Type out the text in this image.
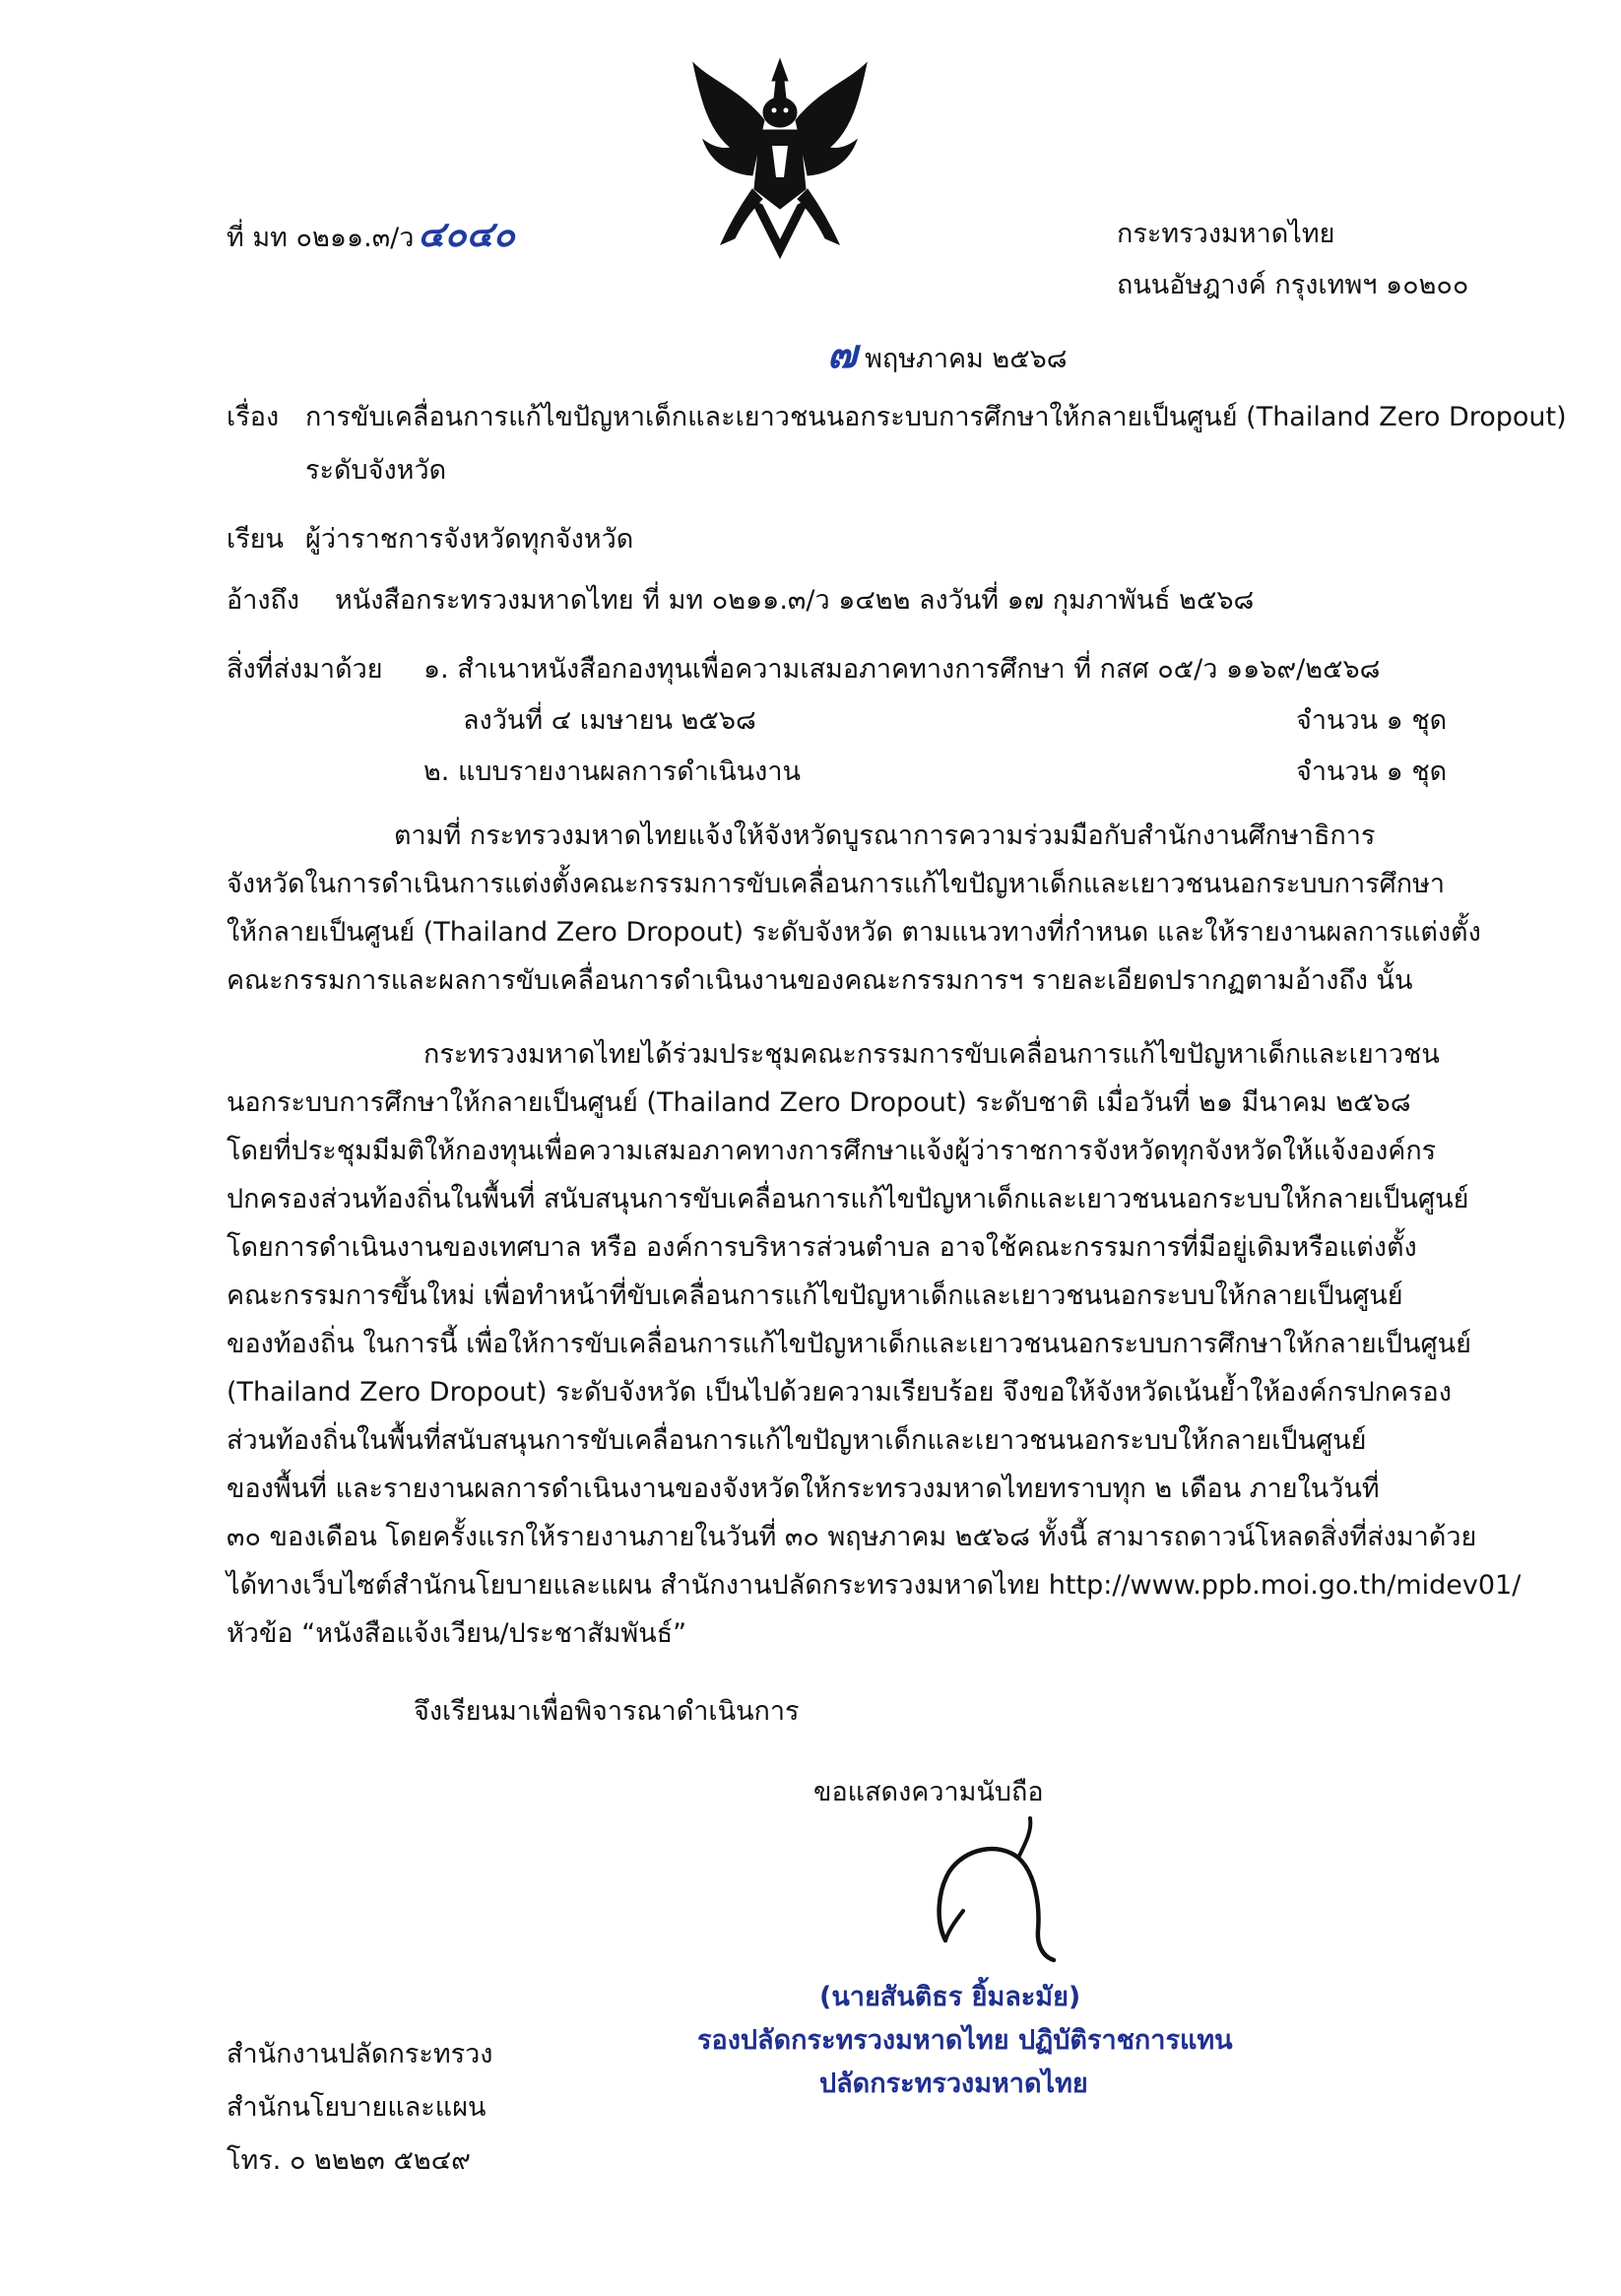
ที่ มท ๐๒๑๑.๓/ว ๔๐๔๐	กระทรวงมหาดไทย
ถนนอัษฎางค์ กรุงเทพฯ ๑๐๒๐๐
๗ พฤษภาคม ๒๕๖๘
เรื่อง การขับเคลื่อนการแก้ไขปัญหาเด็กและเยาวชนนอกระบบการศึกษาให้กลายเป็นศูนย์ (Thailand Zero Dropout)
ระดับจังหวัด
เรียน ผู้ว่าราชการจังหวัดทุกจังหวัด
อ้างถึง หนังสือกระทรวงมหาดไทย ที่ มท ๐๒๑๑.๓/ว ๑๔๒๒ ลงวันที่ ๑๗ กุมภาพันธ์ ๒๕๖๘
สิ่งที่ส่งมาด้วย ๑. สำเนาหนังสือกองทุนเพื่อความเสมอภาคทางการศึกษา ที่ กสศ ๐๕/ว ๑๑๖๙/๒๕๖๘
ลงวันที่ ๔ เมษายน ๒๕๖๘	จำนวน ๑ ชุด
๒. แบบรายงานผลการดำเนินงาน	จำนวน ๑ ชุด
ตามที่ กระทรวงมหาดไทยแจ้งให้จังหวัดบูรณาการความร่วมมือกับสำนักงานศึกษาธิการ
จังหวัดในการดำเนินการแต่งตั้งคณะกรรมการขับเคลื่อนการแก้ไขปัญหาเด็กและเยาวชนนอกระบบการศึกษา
ให้กลายเป็นศูนย์ (Thailand Zero Dropout) ระดับจังหวัด ตามแนวทางที่กำหนด และให้รายงานผลการแต่งตั้ง
คณะกรรมการและผลการขับเคลื่อนการดำเนินงานของคณะกรรมการฯ รายละเอียดปรากฏตามอ้างถึง นั้น
กระทรวงมหาดไทยได้ร่วมประชุมคณะกรรมการขับเคลื่อนการแก้ไขปัญหาเด็กและเยาวชน
นอกระบบการศึกษาให้กลายเป็นศูนย์ (Thailand Zero Dropout) ระดับชาติ เมื่อวันที่ ๒๑ มีนาคม ๒๕๖๘
โดยที่ประชุมมีมติให้กองทุนเพื่อความเสมอภาคทางการศึกษาแจ้งผู้ว่าราชการจังหวัดทุกจังหวัดให้แจ้งองค์กร
ปกครองส่วนท้องถิ่นในพื้นที่ สนับสนุนการขับเคลื่อนการแก้ไขปัญหาเด็กและเยาวชนนอกระบบให้กลายเป็นศูนย์
โดยการดำเนินงานของเทศบาล หรือ องค์การบริหารส่วนตำบล อาจใช้คณะกรรมการที่มีอยู่เดิมหรือแต่งตั้ง
คณะกรรมการขึ้นใหม่ เพื่อทำหน้าที่ขับเคลื่อนการแก้ไขปัญหาเด็กและเยาวชนนอกระบบให้กลายเป็นศูนย์
ของท้องถิ่น ในการนี้ เพื่อให้การขับเคลื่อนการแก้ไขปัญหาเด็กและเยาวชนนอกระบบการศึกษาให้กลายเป็นศูนย์
(Thailand Zero Dropout) ระดับจังหวัด เป็นไปด้วยความเรียบร้อย จึงขอให้จังหวัดเน้นย้ำให้องค์กรปกครอง
ส่วนท้องถิ่นในพื้นที่สนับสนุนการขับเคลื่อนการแก้ไขปัญหาเด็กและเยาวชนนอกระบบให้กลายเป็นศูนย์
ของพื้นที่ และรายงานผลการดำเนินงานของจังหวัดให้กระทรวงมหาดไทยทราบทุก ๒ เดือน ภายในวันที่
๓๐ ของเดือน โดยครั้งแรกให้รายงานภายในวันที่ ๓๐ พฤษภาคม ๒๕๖๘ ทั้งนี้ สามารถดาวน์โหลดสิ่งที่ส่งมาด้วย
ได้ทางเว็บไซต์สำนักนโยบายและแผน สำนักงานปลัดกระทรวงมหาดไทย http://www.ppb.moi.go.th/midev01/
หัวข้อ “หนังสือแจ้งเวียน/ประชาสัมพันธ์”
จึงเรียนมาเพื่อพิจารณาดำเนินการ
ขอแสดงความนับถือ
(นายสันติธร ยิ้มละมัย)
รองปลัดกระทรวงมหาดไทย ปฏิบัติราชการแทน
ปลัดกระทรวงมหาดไทย
สำนักงานปลัดกระทรวง
สำนักนโยบายและแผน
โทร. ๐ ๒๒๒๓ ๕๒๔๙
